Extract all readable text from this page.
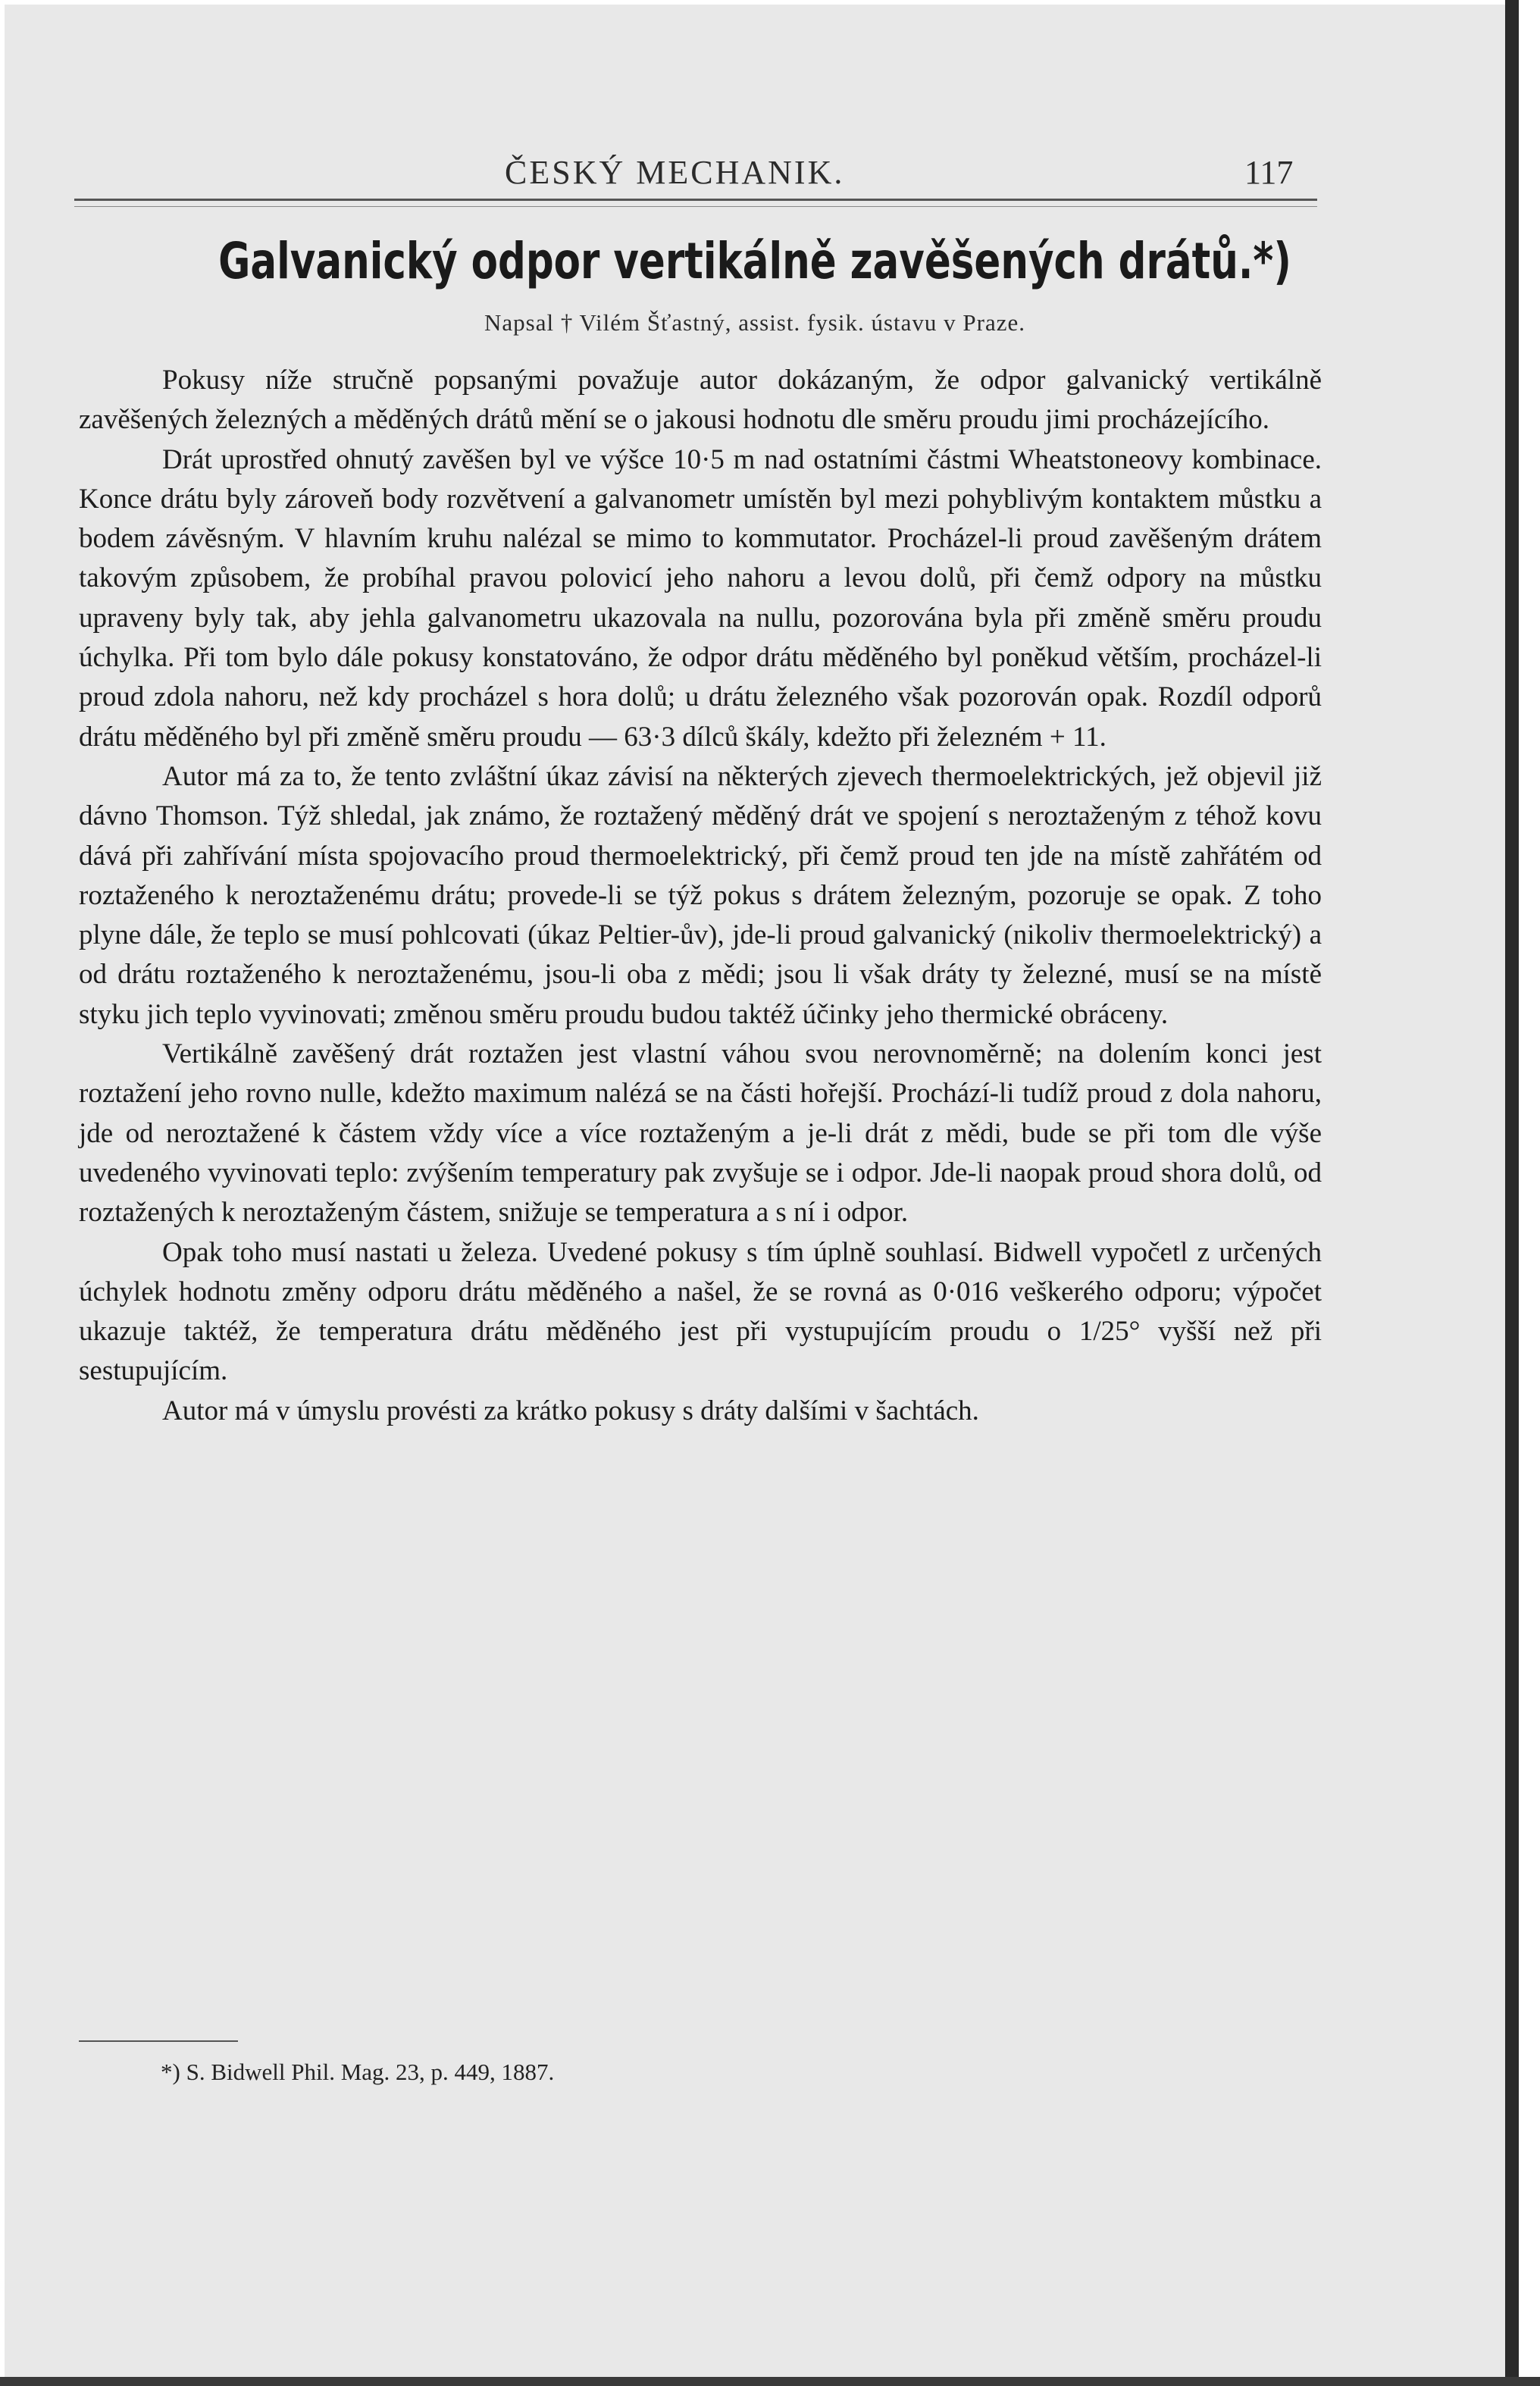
ČESKÝ MECHANIK.	117
Galvanický odpor vertikálně zavěšených drátů.*)
Napsal † Vilém Šťastný, assist. fysik. ústavu v Praze.

Pokusy níže stručně popsanými považuje autor dokázaným, že odpor galvanický vertikálně zavěšených železných a měděných drátů mění se o jakousi hodnotu dle směru proudu jimi procházejícího.

Drát uprostřed ohnutý zavěšen byl ve výšce 10·5 m nad ostatními částmi Wheatstoneovy kombinace. Konce drátu byly zároveň body rozvětvení a galvanometr umístěn byl mezi pohyblivým kontaktem můstku a bodem závěsným. V hlavním kruhu nalézal se mimo to kommutator. Procházel-li proud zavěšeným drátem takovým způsobem, že probíhal pravou polovicí jeho nahoru a levou dolů, při čemž odpory na můstku upraveny byly tak, aby jehla galvanometru ukazovala na nullu, pozorována byla při změně směru proudu úchylka. Při tom bylo dále pokusy konstatováno, že odpor drátu měděného byl poněkud větším, procházel-li proud zdola nahoru, než kdy procházel s hora dolů; u drátu železného však pozorován opak. Rozdíl odporů drátu měděného byl při změně směru proudu — 63·3 dílců škály, kdežto při železném + 11.

Autor má za to, že tento zvláštní úkaz závisí na některých zjevech thermoelektrických, jež objevil již dávno Thomson. Týž shledal, jak známo, že roztažený měděný drát ve spojení s neroztaženým z téhož kovu dává při zahřívání místa spojovacího proud thermoelektrický, při čemž proud ten jde na místě zahřátém od roztaženého k neroztaženému drátu; provede-li se týž pokus s drátem železným, pozoruje se opak. Z toho plyne dále, že teplo se musí pohlcovati (úkaz Peltier-ův), jde-li proud galvanický (nikoliv thermoelektrický) a od drátu roztaženého k neroztaženému, jsou-li oba z mědi; jsou li však dráty ty železné, musí se na místě styku jich teplo vyvinovati; změnou směru proudu budou taktéž účinky jeho thermické obráceny.

Vertikálně zavěšený drát roztažen jest vlastní váhou svou nerovnoměrně; na dolením konci jest roztažení jeho rovno nulle, kdežto maximum nalézá se na části hořejší. Prochází-li tudíž proud z dola nahoru, jde od neroztažené k částem vždy více a více roztaženým a je-li drát z mědi, bude se při tom dle výše uvedeného vyvinovati teplo: zvýšením temperatury pak zvyšuje se i odpor. Jde-li naopak proud shora dolů, od roztažených k neroztaženým částem, snižuje se temperatura a s ní i odpor.

Opak toho musí nastati u železa. Uvedené pokusy s tím úplně souhlasí. Bidwell vypočetl z určených úchylek hodnotu změny odporu drátu měděného a našel, že se rovná as 0·016 veškerého odporu; výpočet ukazuje taktéž, že temperatura drátu měděného jest při vystupujícím proudu o 1/25° vyšší než při sestupujícím.

Autor má v úmyslu provésti za krátko pokusy s dráty dalšími v šachtách.

*) S. Bidwell Phil. Mag. 23, p. 449, 1887.
